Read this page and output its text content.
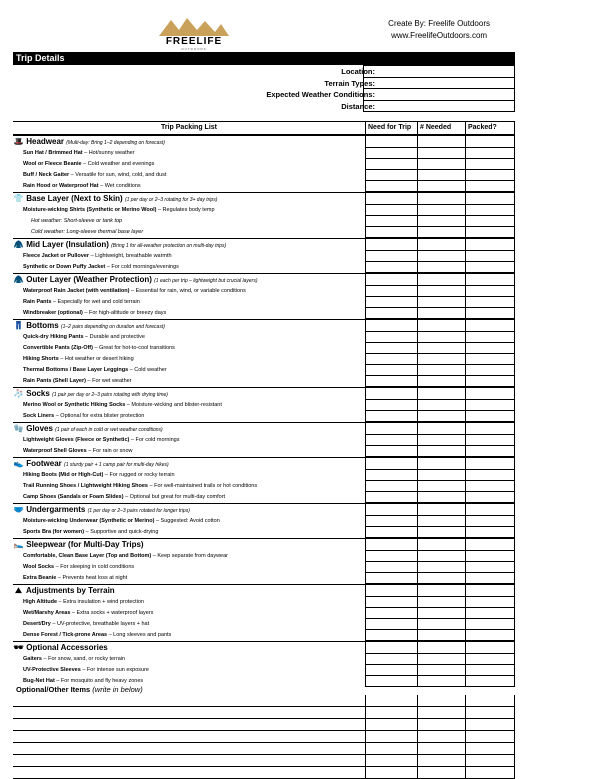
FREELIFE
OUTDOORS
Create By: Freelife Outdoors
www.FreelifeOutdoors.com
Trip Details
Location:
Terrain Types:
Expected Weather Conditions:
Distance:
Trip Packing List	Need for Trip	# Needed	Packed?
🎩 Headwear (Multi-day: Bring 1–2 depending on forecast)
Sun Hat / Brimmed Hat – Hot/sunny weather
Wool or Fleece Beanie – Cold weather and evenings
Buff / Neck Gaiter – Versatile for sun, wind, cold, and dust
Rain Hood or Waterproof Hat – Wet conditions
👕 Base Layer (Next to Skin) (1 per day or 2–3 rotating for 3+ day trips)
Moisture-wicking Shirts (Synthetic or Merino Wool) – Regulates body temp
Hot weather: Short-sleeve or tank top
Cold weather: Long-sleeve thermal base layer
🧥 Mid Layer (Insulation) (Bring 1 for all-weather protection on multi-day trips)
Fleece Jacket or Pullover – Lightweight, breathable warmth
Synthetic or Down Puffy Jacket – For cold mornings/evenings
🧥 Outer Layer (Weather Protection) (1 each per trip – lightweight but crucial layers)
Waterproof Rain Jacket (with ventilation) – Essential for rain, wind, or variable conditions
Rain Pants – Especially for wet and cold terrain
Windbreaker (optional) – For high-altitude or breezy days
👖 Bottoms (1–2 pairs depending on duration and forecast)
Quick-dry Hiking Pants – Durable and protective
Convertible Pants (Zip-Off) – Great for hot-to-cool transitions
Hiking Shorts – Hot weather or desert hiking
Thermal Bottoms / Base Layer Leggings – Cold weather
Rain Pants (Shell Layer) – For wet weather
🧦 Socks (1 pair per day or 2–3 pairs rotating with drying time)
Merino Wool or Synthetic Hiking Socks – Moisture-wicking and blister-resistant
Sock Liners – Optional for extra blister protection
🧤 Gloves (1 pair of each in cold or wet weather conditions)
Lightweight Gloves (Fleece or Synthetic) – For cold mornings
Waterproof Shell Gloves – For rain or snow
👟 Footwear (1 sturdy pair + 1 camp pair for multi-day hikes)
Hiking Boots (Mid or High-Cut) – For rugged or rocky terrain
Trail Running Shoes / Lightweight Hiking Shoes – For well-maintained trails or hot conditions
Camp Shoes (Sandals or Foam Slides) – Optional but great for multi-day comfort
🩲 Undergarments (1 per day or 2–3 pairs rotated for longer trips)
Moisture-wicking Underwear (Synthetic or Merino) – Suggested: Avoid cotton
Sports Bra (for women) – Supportive and quick-drying
🛌 Sleepwear (for Multi-Day Trips)
Comfortable, Clean Base Layer (Top and Bottom) – Keep separate from daywear
Wool Socks – For sleeping in cold conditions
Extra Beanie – Prevents heat loss at night
⛰ Adjustments by Terrain
High Altitude – Extra insulation + wind protection
Wet/Marshy Areas – Extra socks + waterproof layers
Desert/Dry – UV-protective, breathable layers + hat
Dense Forest / Tick-prone Areas – Long sleeves and pants
🕶 Optional Accessories
Gaiters – For snow, sand, or rocky terrain
UV-Protective Sleeves – For intense sun exposure
Bug-Net Hat – For mosquito and fly heavy zones
Optional/Other Items (write in below)
